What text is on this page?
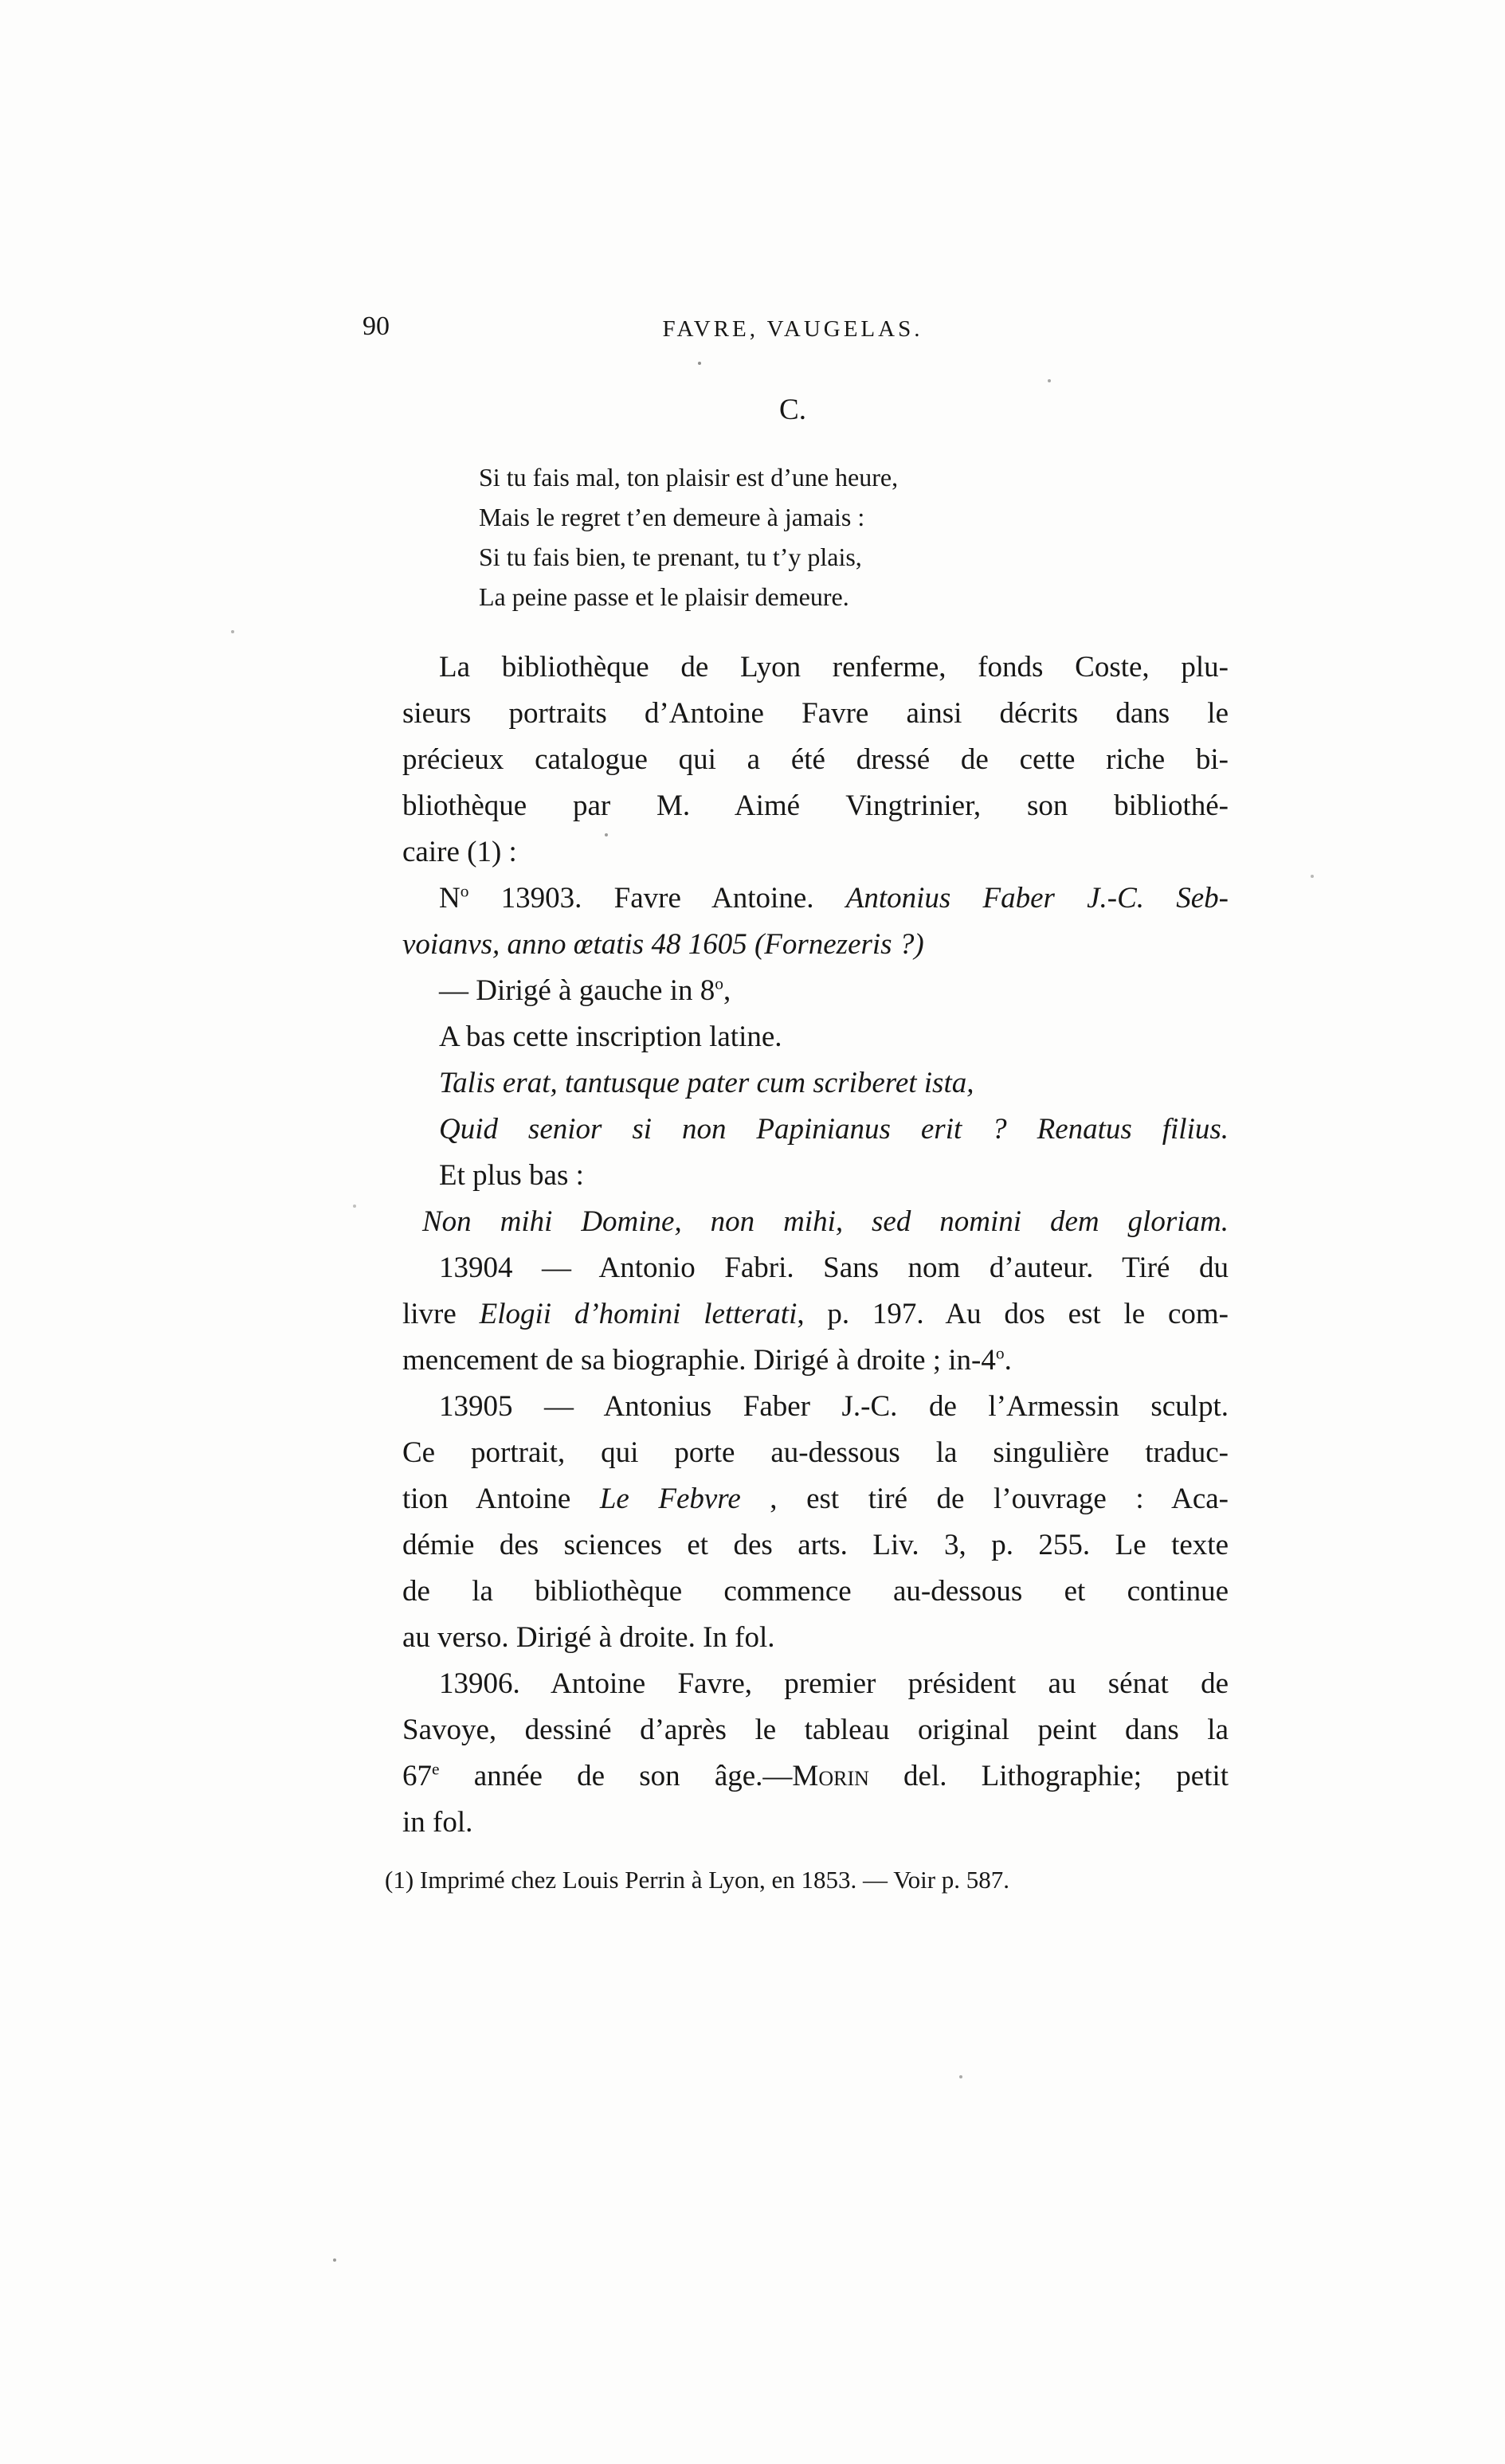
90	FAVRE, VAUGELAS.
C.
Si tu fais mal, ton plaisir est d’une heure,
Mais le regret t’en demeure à jamais :
Si tu fais bien, te prenant, tu t’y plais,
La peine passe et le plaisir demeure.
La bibliothèque de Lyon renferme, fonds Coste, plu-
sieurs portraits d’Antoine Favre ainsi décrits dans le
précieux catalogue qui a été dressé de cette riche bi-
bliothèque par M. Aimé Vingtrinier, son bibliothé-
caire (1) :
$N^o$ 13903. Favre Antoine. Antonius Faber J.-C. Seb-
voianvs, anno œtatis 48 1605 (Fornezeris ?)
— Dirigé à gauche in 8$^o$,
A bas cette inscription latine.
Talis erat, tantusque pater cum scriberet ista,
Quid senior si non Papinianus erit ? Renatus filius.
Et plus bas :
Non mihi Domine, non mihi, sed nomini dem gloriam.
13904 — Antonio Fabri. Sans nom d’auteur. Tiré du
livre Elogii d’homini letterati, p. 197. Au dos est le com-
mencement de sa biographie. Dirigé à droite ; in-4$^o$.
13905 — Antonius Faber J.-C. de l’Armessin sculpt.
Ce portrait, qui porte au-dessous la singulière traduc-
tion Antoine Le Febvre , est tiré de l’ouvrage : Aca-
démie des sciences et des arts. Liv. 3, p. 255. Le texte
de la bibliothèque commence au-dessous et continue
au verso. Dirigé à droite. In fol.
13906. Antoine Favre, premier président au sénat de
Savoye, dessiné d’après le tableau original peint dans la
67e année de son âge.—Morin del. Lithographie; petit
in fol.
(1) Imprimé chez Louis Perrin à Lyon, en 1853. — Voir p. 587.
